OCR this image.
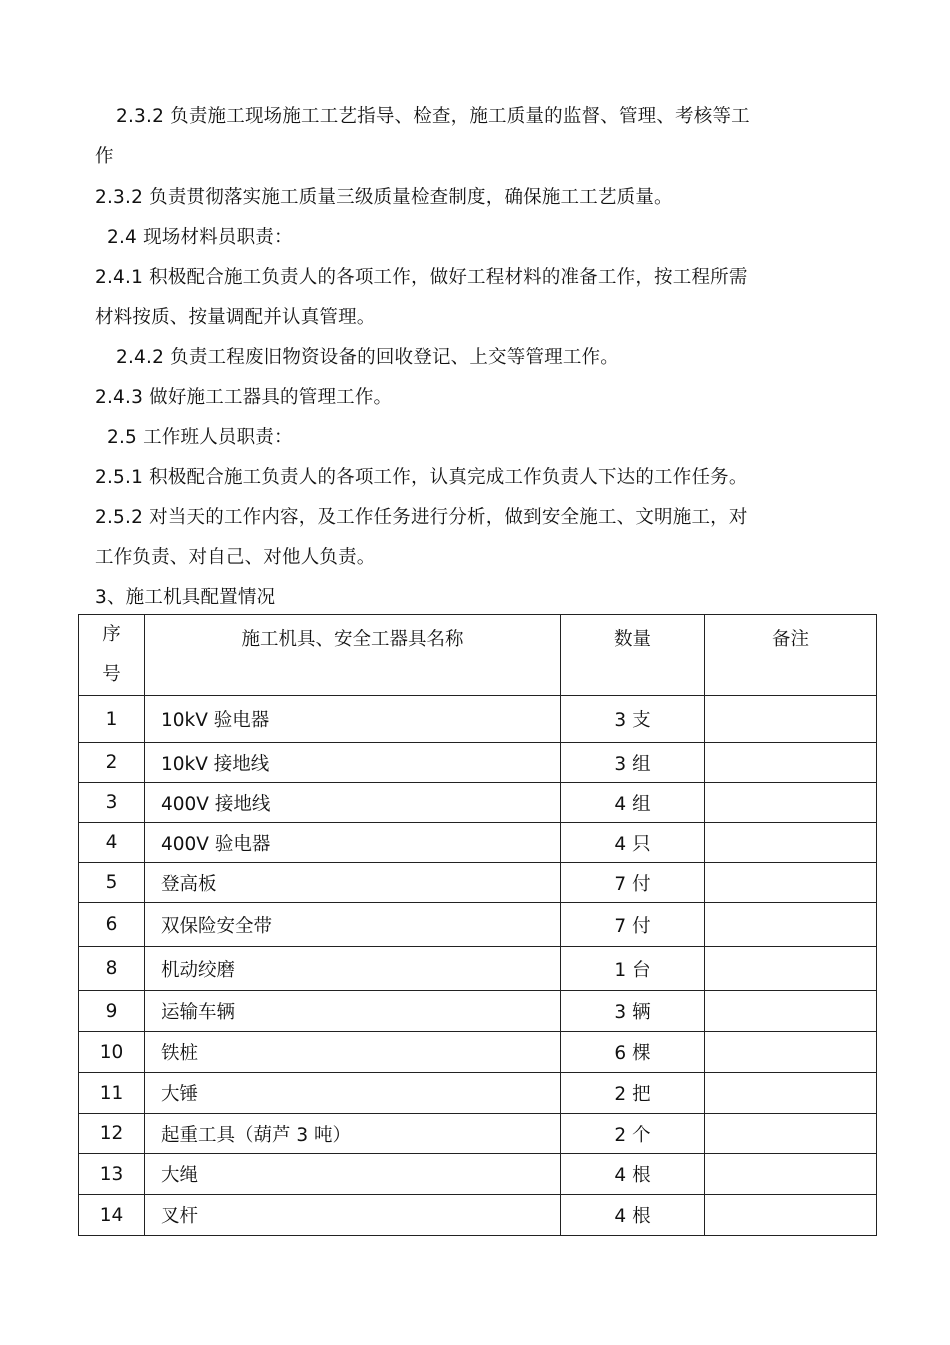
2.3.2 负责施工现场施工工艺指导、检查，施工质量的监督、管理、考核等工
作
2.3.2 负责贯彻落实施工质量三级质量检查制度，确保施工工艺质量。
2.4 现场材料员职责：
2.4.1 积极配合施工负责人的各项工作，做好工程材料的准备工作，按工程所需
材料按质、按量调配并认真管理。
2.4.2 负责工程废旧物资设备的回收登记、上交等管理工作。
2.4.3 做好施工工器具的管理工作。
2.5 工作班人员职责：
2.5.1 积极配合施工负责人的各项工作，认真完成工作负责人下达的工作任务。
2.5.2 对当天的工作内容，及工作任务进行分析，做到安全施工、文明施工，对
工作负责、对自己、对他人负责。
3、施工机具配置情况
序
号	施工机具、安全工器具名称	数量	备注
1	10kV 验电器	3 支	
2	10kV 接地线	3 组	
3	400V 接地线	4 组	
4	400V 验电器	4 只	
5	登高板	7 付	
6	双保险安全带	7 付	
8	机动绞磨	1 台	
9	运输车辆	3 辆	
10	铁桩	6 棵	
11	大锤	2 把	
12	起重工具（葫芦 3 吨）	2 个	
13	大绳	4 根	
14	叉杆	4 根	
